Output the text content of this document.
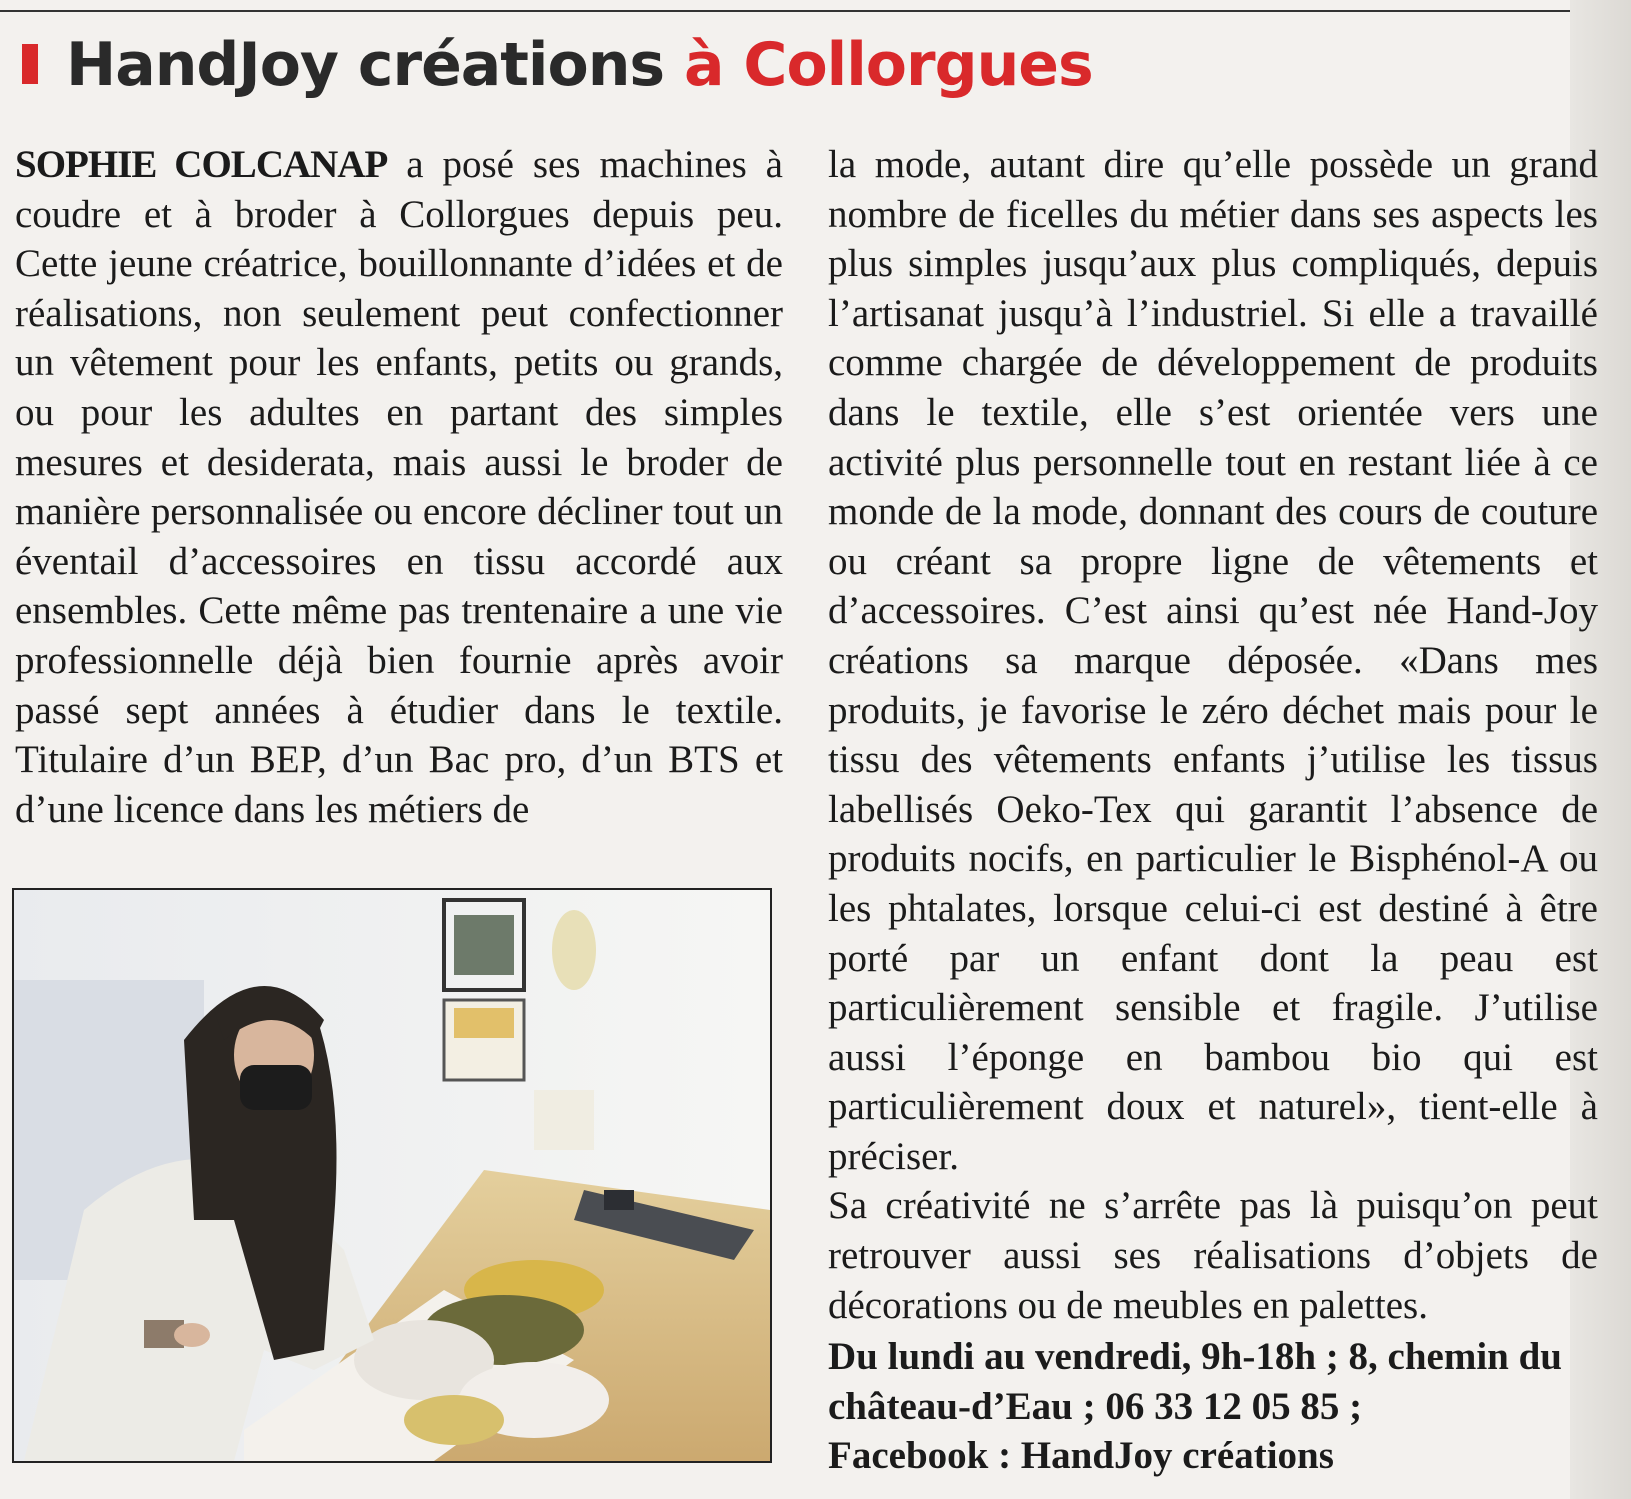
HandJoy créations à Collorgues

SOPHIE COLCANAP a posé ses machines à coudre et à broder à Collorgues depuis peu. Cette jeune créatrice, bouillonnante d’idées et de réalisations, non seulement peut confectionner un vêtement pour les enfants, petits ou grands, ou pour les adultes en partant des simples mesures et desiderata, mais aussi le broder de manière personnalisée ou encore décliner tout un éventail d’accessoires en tissu accordé aux ensembles. Cette même pas trentenaire a une vie professionnelle déjà bien fournie après avoir passé sept années à étudier dans le textile. Titulaire d’un BEP, d’un Bac pro, d’un BTS et d’une licence dans les métiers de

la mode, autant dire qu’elle possède un grand nombre de ficelles du métier dans ses aspects les plus simples jusqu’aux plus compliqués, depuis l’artisanat jusqu’à l’industriel. Si elle a travaillé comme chargée de développement de produits dans le textile, elle s’est orientée vers une activité plus personnelle tout en restant liée à ce monde de la mode, donnant des cours de couture ou créant sa propre ligne de vêtements et d’accessoires. C’est ainsi qu’est née Hand-Joy créations sa marque déposée. «Dans mes produits, je favorise le zéro déchet mais pour le tissu des vêtements enfants j’utilise les tissus labellisés Oeko-Tex qui garantit l’absence de produits nocifs, en particulier le Bisphénol-A ou les phtalates, lorsque celui-ci est destiné à être porté par un enfant dont la peau est particulièrement sensible et fragile. J’utilise aussi l’éponge en bambou bio qui est particulièrement doux et naturel», tient-elle à préciser.

Sa créativité ne s’arrête pas là puisqu’on peut retrouver aussi ses réalisations d’objets de décorations ou de meubles en palettes.

Du lundi au vendredi, 9h-18h ; 8, chemin du château-d’Eau ; 06 33 12 05 85 ;
Facebook : HandJoy créations
